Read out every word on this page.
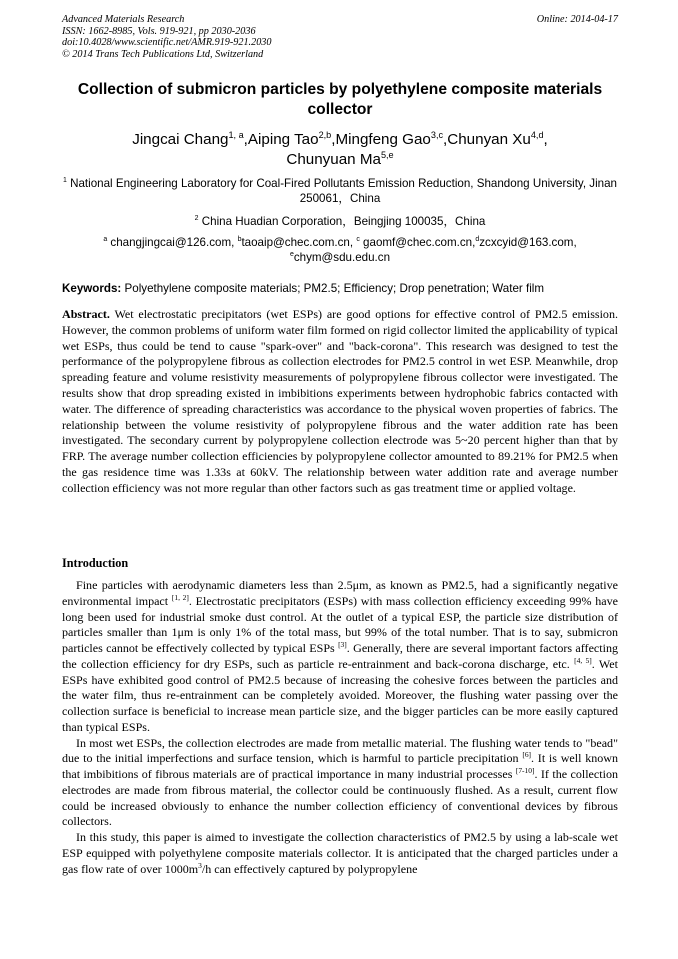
Advanced Materials Research
ISSN: 1662-8985, Vols. 919-921, pp 2030-2036
doi:10.4028/www.scientific.net/AMR.919-921.2030
© 2014 Trans Tech Publications Ltd, Switzerland
Online: 2014-04-17
Collection of submicron particles by polyethylene composite materials collector
Jingcai Chang$^{1, a}$,Aiping Tao$^{2,b}$,Mingfeng Gao$^{3,c}$,Chunyan Xu$^{4,d}$,
Chunyuan Ma$^{5,e}$
$^1$ National Engineering Laboratory for Coal-Fired Pollutants Emission Reduction, Shandong University, Jinan 250061，China
$^2$ China Huadian Corporation，Beingjing 100035，China
$^a$ changjingcai@126.com, $^b$taoaip@chec.com.cn, $^c$ gaomf@chec.com.cn,$^d$zcxcyid@163.com,
$^e$chym@sdu.edu.cn
Keywords: Polyethylene composite materials; PM2.5; Efficiency; Drop penetration; Water film
Abstract. Wet electrostatic precipitators (wet ESPs) are good options for effective control of PM2.5 emission. However, the common problems of uniform water film formed on rigid collector limited the applicability of typical wet ESPs, thus could be tend to cause "spark-over" and "back-corona". This research was designed to test the performance of the polypropylene fibrous as collection electrodes for PM2.5 control in wet ESP. Meanwhile, drop spreading feature and volume resistivity measurements of polypropylene fibrous collector were investigated. The results show that drop spreading existed in imbibitions experiments between hydrophobic fabrics contacted with water. The difference of spreading characteristics was accordance to the physical woven properties of fabrics. The relationship between the volume resistivity of polypropylene fibrous and the water addition rate has been investigated. The secondary current by polypropylene collection electrode was 5~20 percent higher than that by FRP. The average number collection efficiencies by polypropylene collector amounted to 89.21% for PM2.5 when the gas residence time was 1.33s at 60kV. The relationship between water addition rate and average number collection efficiency was not more regular than other factors such as gas treatment time or applied voltage.
Introduction

Fine particles with aerodynamic diameters less than 2.5μm, as known as PM2.5, had a significantly negative environmental impact [1, 2]. Electrostatic precipitators (ESPs) with mass collection efficiency exceeding 99% have long been used for industrial smoke dust control. At the outlet of a typical ESP, the particle size distribution of particles smaller than 1μm is only 1% of the total mass, but 99% of the total number. That is to say, submicron particles cannot be effectively collected by typical ESPs [3]. Generally, there are several important factors affecting the collection efficiency for dry ESPs, such as particle re-entrainment and back-corona discharge, etc. [4, 5]. Wet ESPs have exhibited good control of PM2.5 because of increasing the cohesive forces between the particles and the water film, thus re-entrainment can be completely avoided. Moreover, the flushing water passing over the collection surface is beneficial to increase mean particle size, and the bigger particles can be more easily captured than typical ESPs.

In most wet ESPs, the collection electrodes are made from metallic material. The flushing water tends to "bead" due to the initial imperfections and surface tension, which is harmful to particle precipitation [6]. It is well known that imbibitions of fibrous materials are of practical importance in many industrial processes [7-10]. If the collection electrodes are made from fibrous material, the collector could be continuously flushed. As a result, current flow could be increased obviously to enhance the number collection efficiency of conventional devices by fibrous collectors.

In this study, this paper is aimed to investigate the collection characteristics of PM2.5 by using a lab-scale wet ESP equipped with polyethylene composite materials collector. It is anticipated that the charged particles under a gas flow rate of over $1000m^3/h$ can effectively captured by polypropylene
